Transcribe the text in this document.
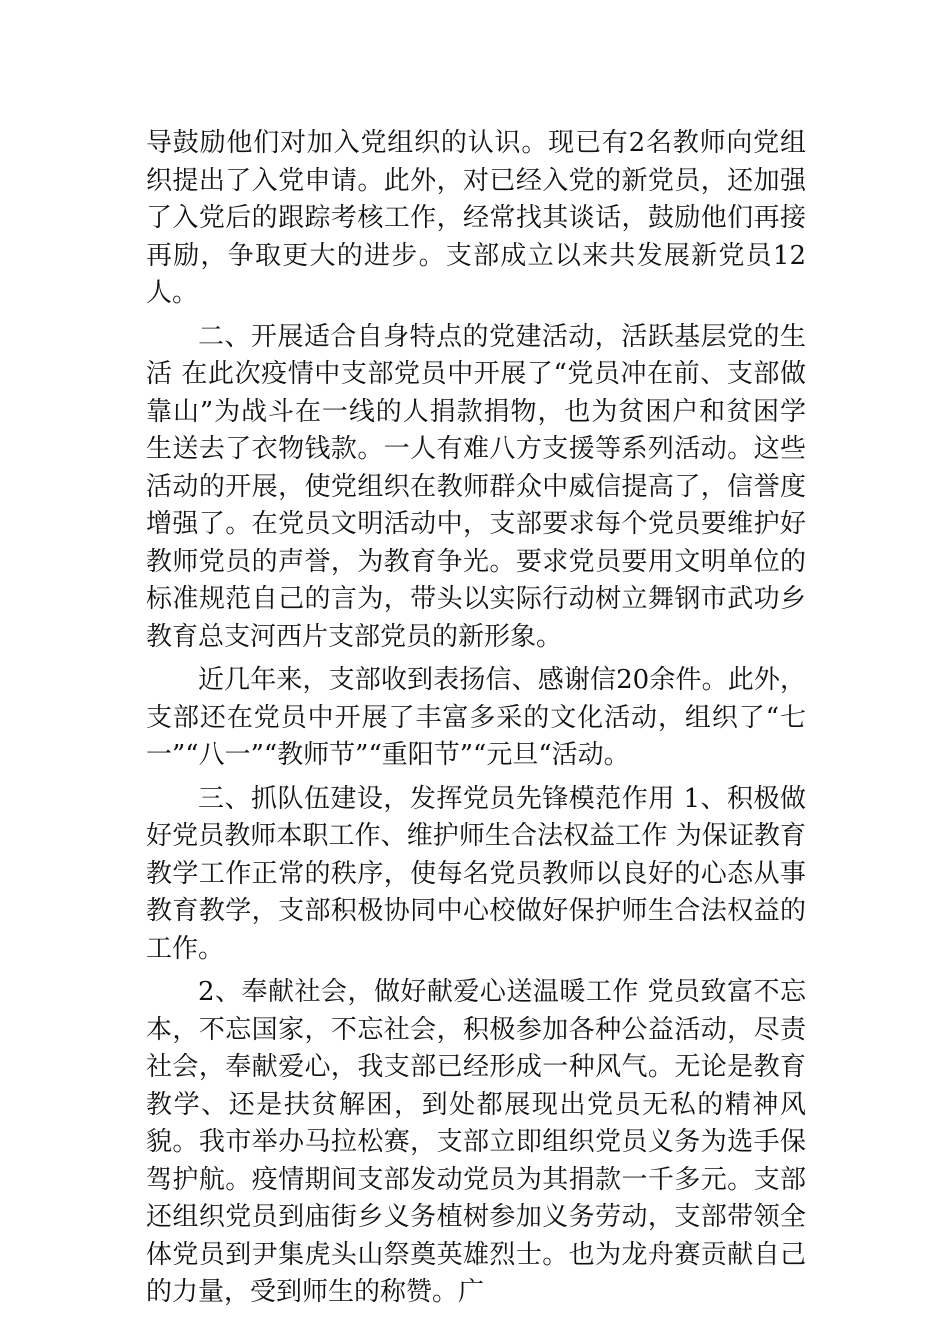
导鼓励他们对加入党组织的认识。现已有2名教师向党组织提出了入党申请。此外，对已经入党的新党员，还加强了入党后的跟踪考核工作，经常找其谈话，鼓励他们再接再励，争取更大的进步。支部成立以来共发展新党员12人。

二、开展适合自身特点的党建活动，活跃基层党的生活 在此次疫情中支部党员中开展了“党员冲在前、支部做靠山”为战斗在一线的人捐款捐物，也为贫困户和贫困学生送去了衣物钱款。一人有难八方支援等系列活动。这些活动的开展，使党组织在教师群众中威信提高了，信誉度增强了。在党员文明活动中，支部要求每个党员要维护好教师党员的声誉，为教育争光。要求党员要用文明单位的标准规范自己的言为，带头以实际行动树立舞钢市武功乡教育总支河西片支部党员的新形象。

近几年来，支部收到表扬信、感谢信20余件。此外，支部还在党员中开展了丰富多采的文化活动，组织了“七一”“八一”“教师节”“重阳节”“元旦“活动。

三、抓队伍建设，发挥党员先锋模范作用 1、积极做好党员教师本职工作、维护师生合法权益工作 为保证教育教学工作正常的秩序，使每名党员教师以良好的心态从事教育教学，支部积极协同中心校做好保护师生合法权益的工作。

2、奉献社会，做好献爱心送温暖工作 党员致富不忘本，不忘国家，不忘社会，积极参加各种公益活动，尽责社会，奉献爱心，我支部已经形成一种风气。无论是教育教学、还是扶贫解困，到处都展现出党员无私的精神风貌。我市举办马拉松赛，支部立即组织党员义务为选手保驾护航。疫情期间支部发动党员为其捐款一千多元。支部还组织党员到庙街乡义务植树参加义务劳动，支部带领全体党员到尹集虎头山祭奠英雄烈士。也为龙舟赛贡献自己的力量，受到师生的称赞。广
